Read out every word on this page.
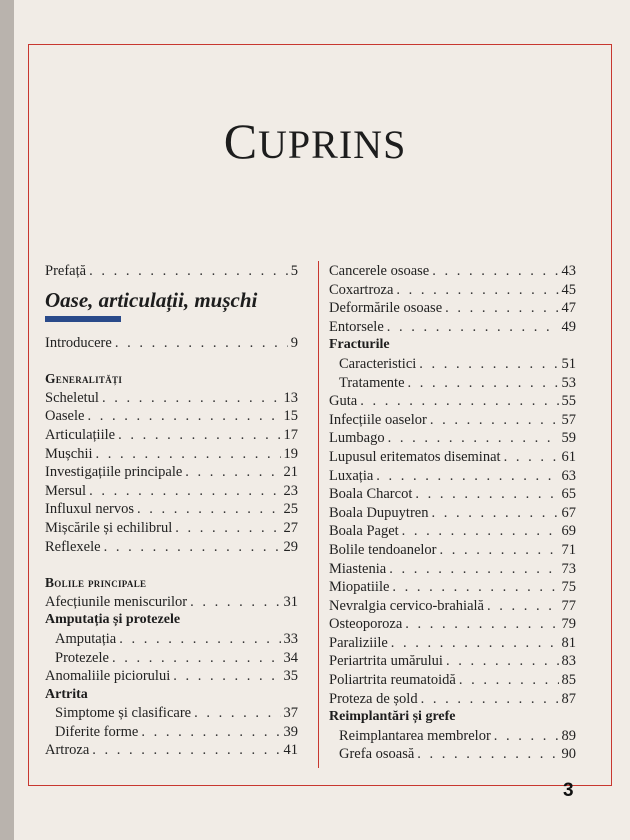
CUPRINS
Prefață . . .	5
Oase, articulații, mușchi
Introducere . . .	9
Generalități
Scheletul . . .	13
Oasele . . .	15
Articulațiile . . .	17
Mușchii . . .	19
Investigațiile principale . . .	21
Mersul . . .	23
Influxul nervos . . .	25
Mișcările și echilibrul . . .	27
Reflexele . . .	29
Bolile principale
Afecțiunile meniscurilor . . .	31
Amputația și protezele
Amputația . . .	33
Protezele . . .	34
Anomaliile piciorului . . .	35
Artrita
Simptome și clasificare . . .	37
Diferite forme . . .	39
Artroza . . .	41
Cancerele osoase . . .	43
Coxartroza . . .	45
Deformările osoase . . .	47
Entorsele . . .	49
Fracturile
Caracteristici . . .	51
Tratamente . . .	53
Guta . . .	55
Infecțiile oaselor . . .	57
Lumbago . . .	59
Lupusul eritematos diseminat . . .	61
Luxația . . .	63
Boala Charcot . . .	65
Boala Dupuytren . . .	67
Boala Paget . . .	69
Bolile tendoanelor . . .	71
Miastenia . . .	73
Miopatiile . . .	75
Nevralgia cervico-brahială . . .	77
Osteoporoza . . .	79
Paraliziile . . .	81
Periartrita umărului . . .	83
Poliartrita reumatoidă . . .	85
Proteza de șold . . .	87
Reimplantări și grefe
Reimplantarea membrelor . . .	89
Grefa osoasă . . .	90
3
